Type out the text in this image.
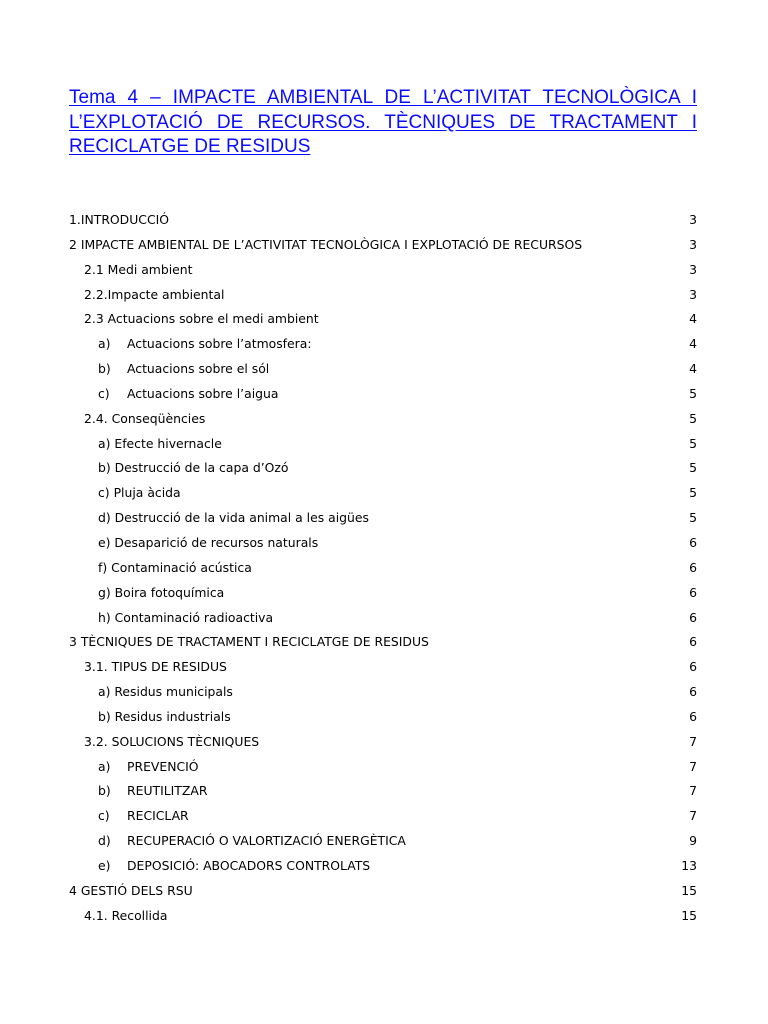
Tema 4 – IMPACTE AMBIENTAL DE L’ACTIVITAT TECNOLÒGICA I L’EXPLOTACIÓ DE RECURSOS. TÈCNIQUES DE TRACTAMENT I RECICLATGE DE RESIDUS
1.INTRODUCCIÓ	3
2 IMPACTE AMBIENTAL DE L’ACTIVITAT TECNOLÒGICA I EXPLOTACIÓ DE RECURSOS	3
2.1 Medi ambient	3
2.2.Impacte ambiental	3
2.3 Actuacions sobre el medi ambient	4
a) Actuacions sobre l’atmosfera:	4
b) Actuacions sobre el sól	4
c) Actuacions sobre l’aigua	5
2.4. Conseqüències	5
a) Efecte hivernacle	5
b) Destrucció de la capa d’Ozó	5
c) Pluja àcida	5
d) Destrucció de la vida animal a les aigües	5
e) Desaparició de recursos naturals	6
f) Contaminació acústica	6
g) Boira fotoquímica	6
h) Contaminació radioactiva	6
3 TÈCNIQUES DE TRACTAMENT I RECICLATGE DE RESIDUS	6
3.1. TIPUS DE RESIDUS	6
a) Residus municipals	6
b) Residus industrials	6
3.2. SOLUCIONS TÈCNIQUES	7
a) PREVENCIÓ	7
b) REUTILITZAR	7
c) RECICLAR	7
d) RECUPERACIÓ O VALORTIZACIÓ ENERGÈTICA	9
e) DEPOSICIÓ: ABOCADORS CONTROLATS	13
4 GESTIÓ DELS RSU	15
4.1. Recollida	15
